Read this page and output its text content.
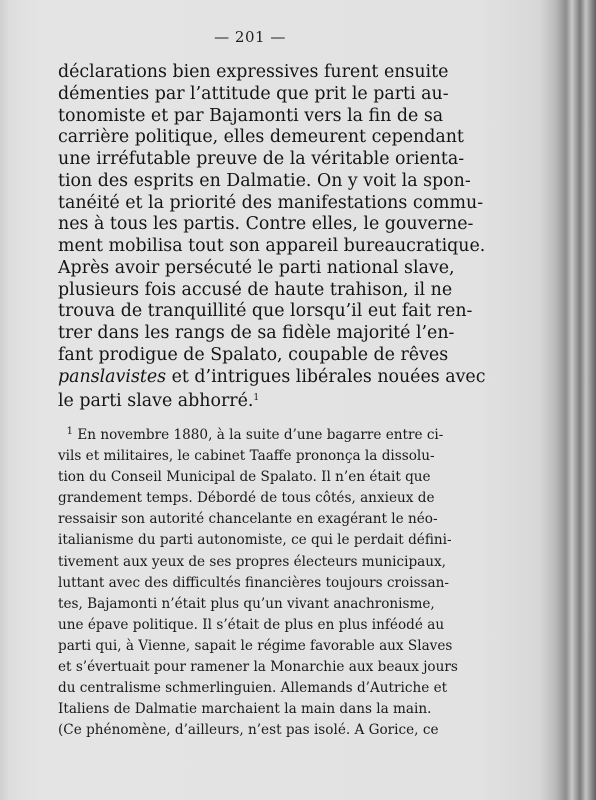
— 201 —
déclarations bien expressives furent ensuite
démenties par l’attitude que prit le parti au-
tonomiste et par Bajamonti vers la fin de sa
carrière politique, elles demeurent cependant
une irréfutable preuve de la véritable orienta-
tion des esprits en Dalmatie. On y voit la spon-
tanéité et la priorité des manifestations commu-
nes à tous les partis. Contre elles, le gouverne-
ment mobilisa tout son appareil bureaucratique.
Après avoir persécuté le parti national slave,
plusieurs fois accusé de haute trahison, il ne
trouva de tranquillité que lorsqu’il eut fait ren-
trer dans les rangs de sa fidèle majorité l’en-
fant prodigue de Spalato, coupable de rêves
panslavistes et d’intrigues libérales nouées avec
le parti slave abhorré.$^1$
$^1$ En novembre 1880, à la suite d’une bagarre entre ci-
vils et militaires, le cabinet Taaffe prononça la dissolu-
tion du Conseil Municipal de Spalato. Il n’en était que
grandement temps. Débordé de tous côtés, anxieux de
ressaisir son autorité chancelante en exagérant le néo-
italianisme du parti autonomiste, ce qui le perdait défini-
tivement aux yeux de ses propres électeurs municipaux,
luttant avec des difficultés financières toujours croissan-
tes, Bajamonti n’était plus qu’un vivant anachronisme,
une épave politique. Il s’était de plus en plus inféodé au
parti qui, à Vienne, sapait le régime favorable aux Slaves
et s’évertuait pour ramener la Monarchie aux beaux jours
du centralisme schmerlinguien. Allemands d’Autriche et
Italiens de Dalmatie marchaient la main dans la main.
(Ce phénomène, d’ailleurs, n’est pas isolé. A Gorice, ce
